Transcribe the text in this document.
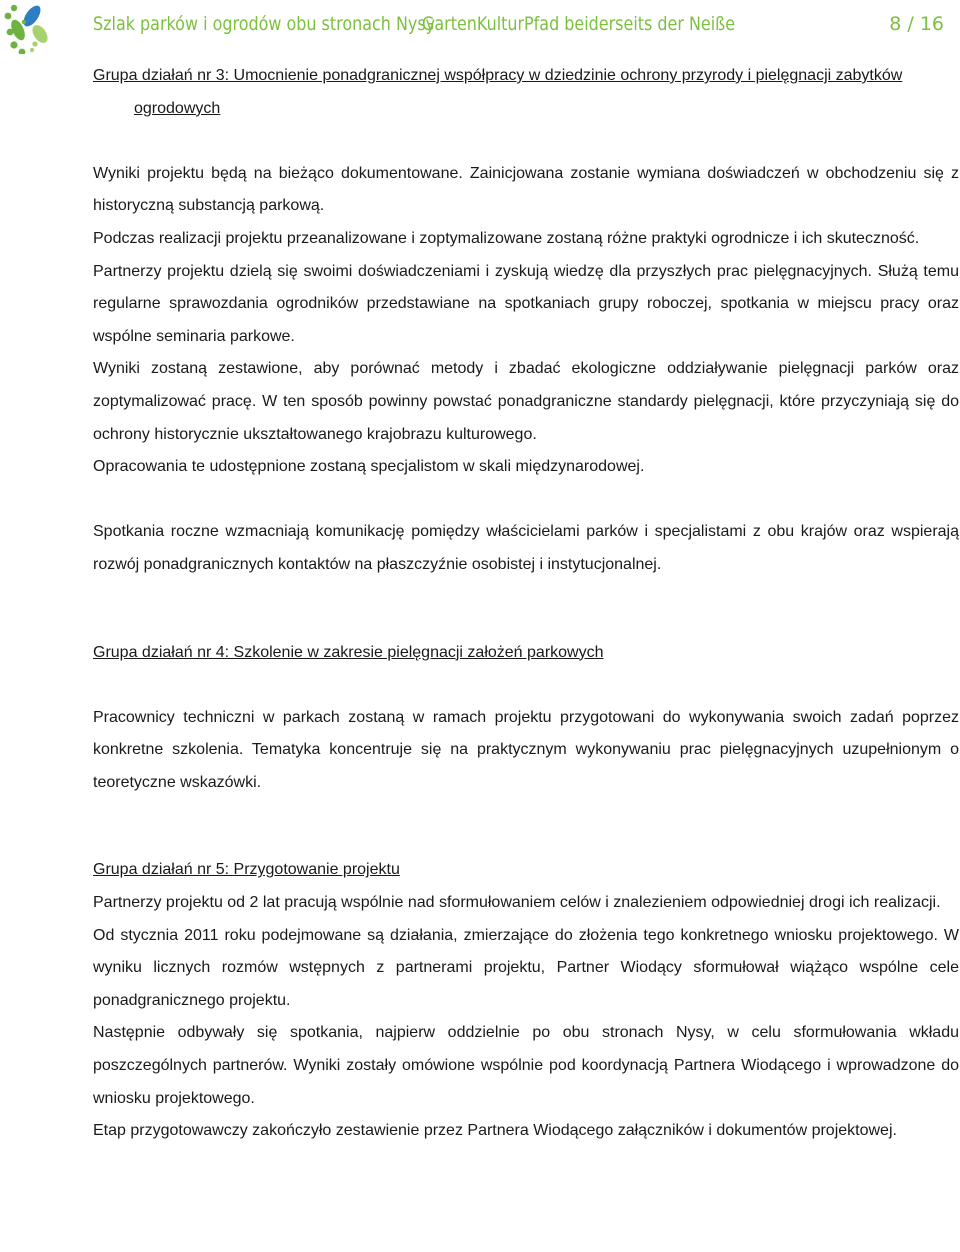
Szlak parków i ogrodów obu stronach Nysy
GartenKulturPfad beiderseits der Neiße	8 / 16

Grupa działań nr 3: Umocnienie ponadgranicznej współpracy w dziedzinie ochrony przyrody i pielęgnacji zabytków ogrodowych

Wyniki projektu będą na bieżąco dokumentowane. Zainicjowana zostanie wymiana doświadczeń w obchodzeniu się z historyczną substancją parkową.

Podczas realizacji projektu przeanalizowane i zoptymalizowane zostaną różne praktyki ogrodnicze i ich skuteczność.

Partnerzy projektu dzielą się swoimi doświadczeniami i zyskują wiedzę dla przyszłych prac pielęgnacyjnych. Służą temu regularne sprawozdania ogrodników przedstawiane na spotkaniach grupy roboczej, spotkania w miejscu pracy oraz wspólne seminaria parkowe.

Wyniki zostaną zestawione, aby porównać metody i zbadać ekologiczne oddziaływanie pielęgnacji parków oraz zoptymalizować pracę. W ten sposób powinny powstać ponadgraniczne standardy pielęgnacji, które przyczyniają się do ochrony historycznie ukształtowanego krajobrazu kulturowego.

Opracowania te udostępnione zostaną specjalistom w skali międzynarodowej.

Spotkania roczne wzmacniają komunikację pomiędzy właścicielami parków i specjalistami z obu krajów oraz wspierają rozwój ponadgranicznych kontaktów na płaszczyźnie osobistej i instytucjonalnej.

Grupa działań nr 4: Szkolenie w zakresie pielęgnacji założeń parkowych

Pracownicy techniczni w parkach zostaną w ramach projektu przygotowani do wykonywania swoich zadań poprzez konkretne szkolenia. Tematyka koncentruje się na praktycznym wykonywaniu prac pielęgnacyjnych uzupełnionym o teoretyczne wskazówki.

Grupa działań nr 5: Przygotowanie projektu

Partnerzy projektu od 2 lat pracują wspólnie nad sformułowaniem celów i znalezieniem odpowiedniej drogi ich realizacji.

Od stycznia 2011 roku podejmowane są działania, zmierzające do złożenia tego konkretnego wniosku projektowego. W wyniku licznych rozmów wstępnych z partnerami projektu, Partner Wiodący sformułował wiążąco wspólne cele ponadgranicznego projektu.

Następnie odbywały się spotkania, najpierw oddzielnie po obu stronach Nysy, w celu sformułowania wkładu poszczególnych partnerów. Wyniki zostały omówione wspólnie pod koordynacją Partnera Wiodącego i wprowadzone do wniosku projektowego.

Etap przygotowawczy zakończyło zestawienie przez Partnera Wiodącego załączników i dokumentów projektowej.
